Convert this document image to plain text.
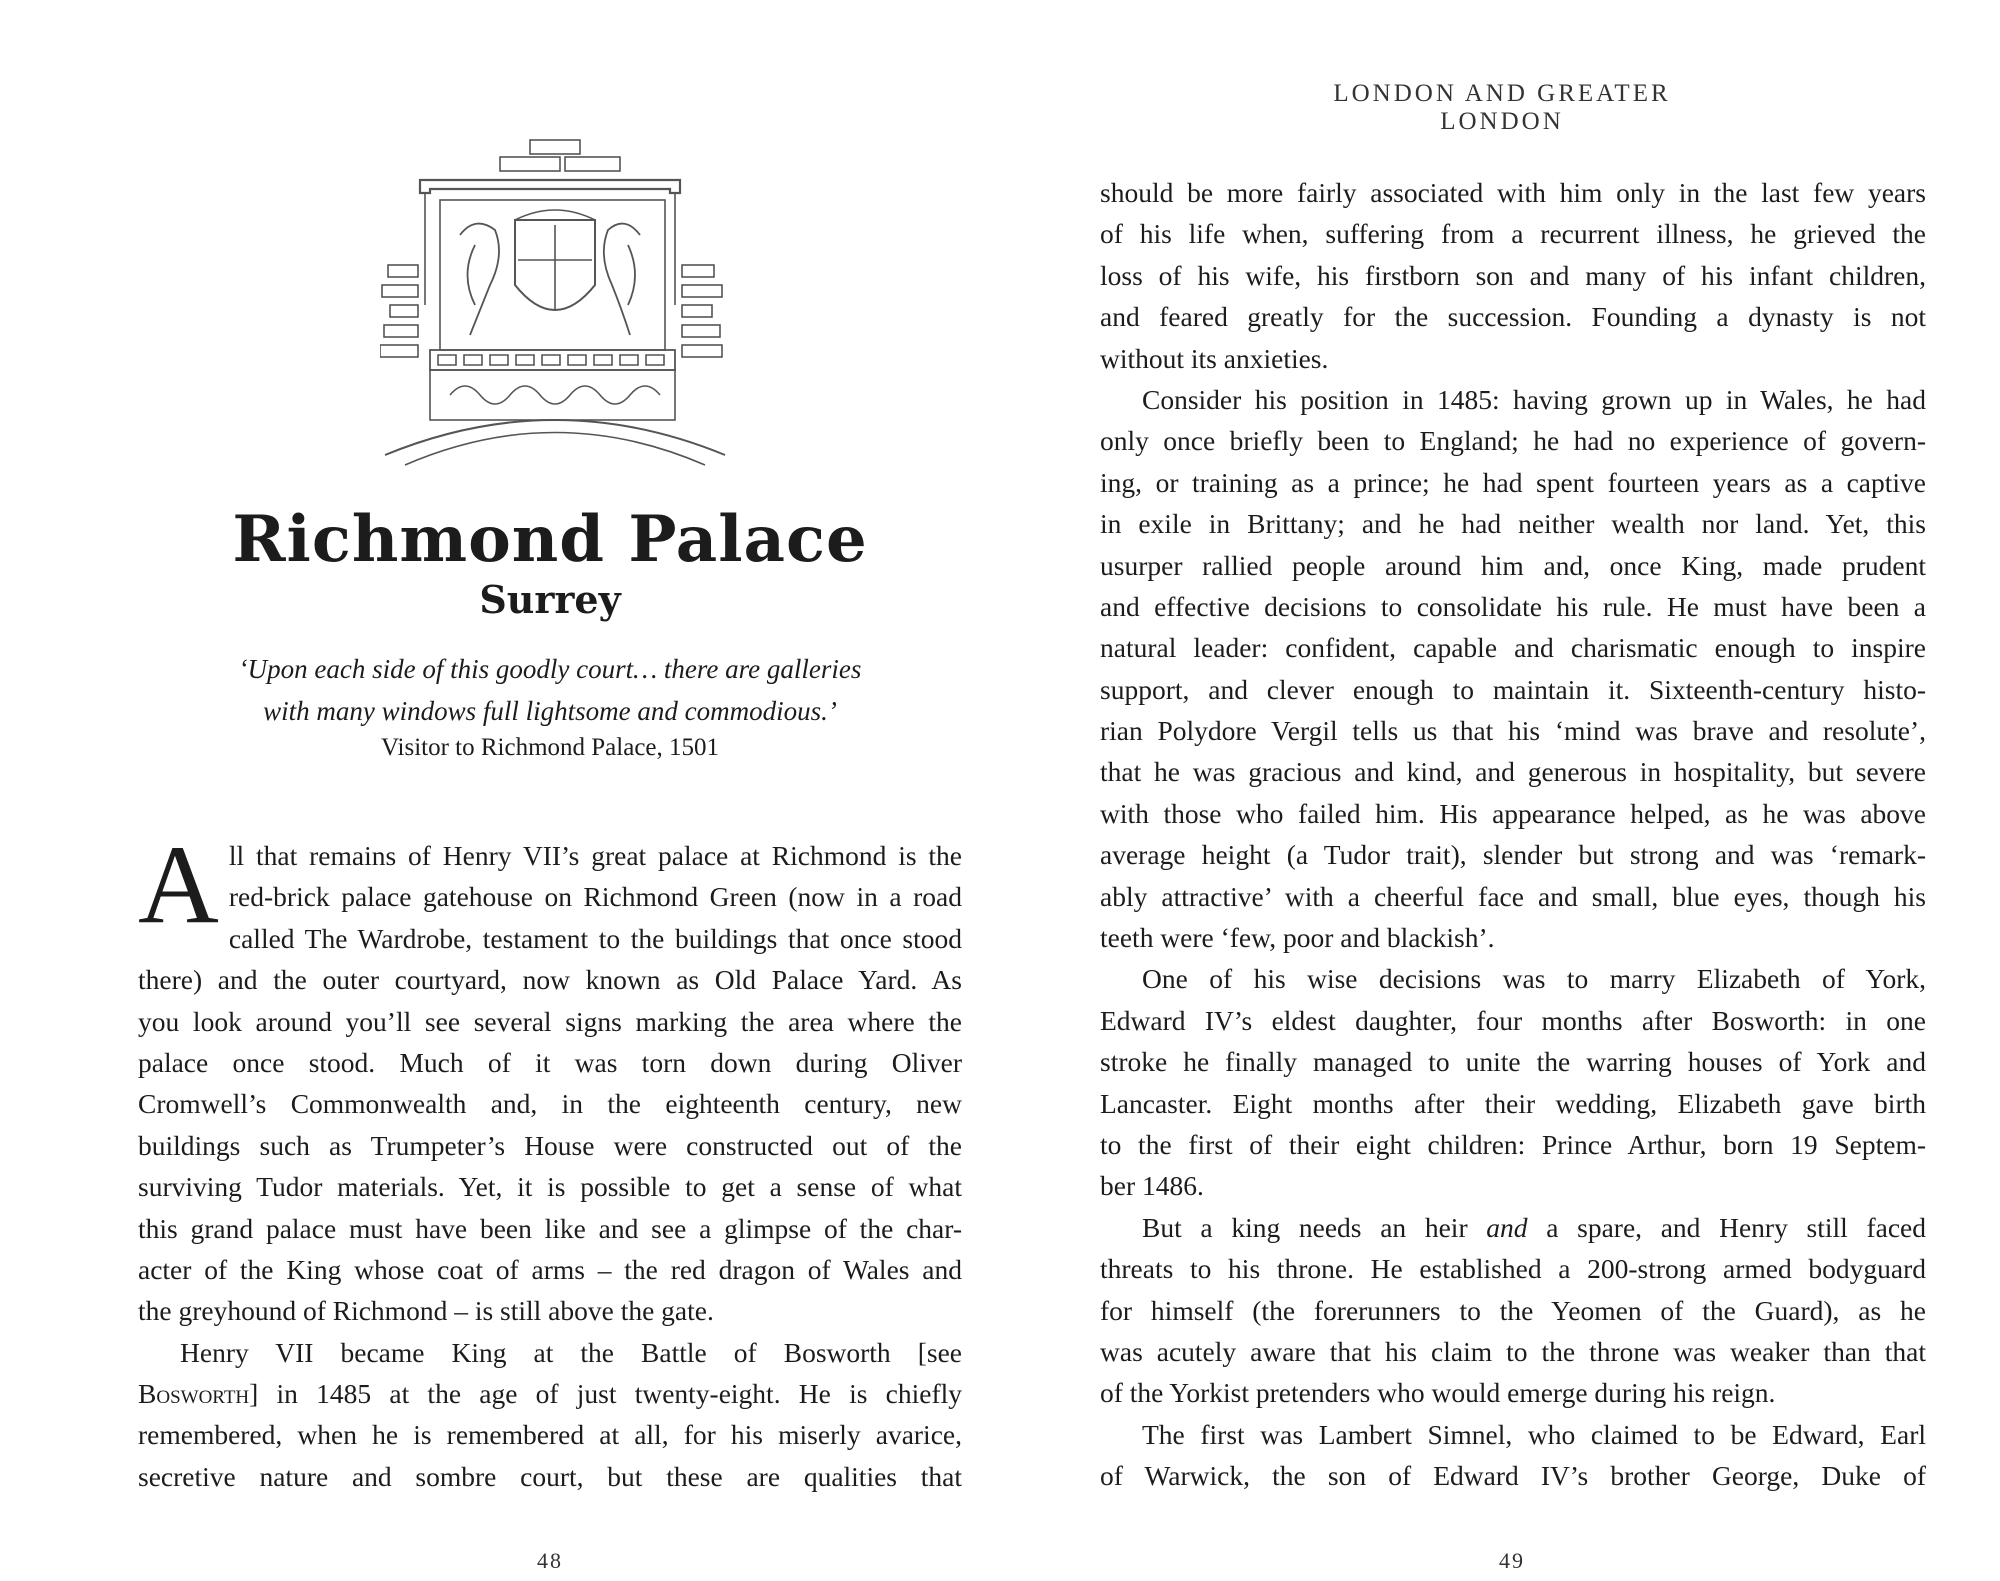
Richmond Palace
Surrey
‘Upon each side of this goodly court… there are galleries
with many windows full lightsome and commodious.’
Visitor to Richmond Palace, 1501
A ll that remains of Henry VII’s great palace at Richmond is the
red-brick palace gatehouse on Richmond Green (now in a road
called The Wardrobe, testament to the buildings that once stood
there) and the outer courtyard, now known as Old Palace Yard. As
you look around you’ll see several signs marking the area where the
palace once stood. Much of it was torn down during Oliver
Cromwell’s Commonwealth and, in the eighteenth century, new
buildings such as Trumpeter’s House were constructed out of the
surviving Tudor materials. Yet, it is possible to get a sense of what
this grand palace must have been like and see a glimpse of the char-
acter of the King whose coat of arms – the red dragon of Wales and
the greyhound of Richmond – is still above the gate.
Henry VII became King at the Battle of Bosworth [see
Bosworth] in 1485 at the age of just twenty-eight. He is chiefly
remembered, when he is remembered at all, for his miserly avarice,
secretive nature and sombre court, but these are qualities that
48
LONDON AND GREATER LONDON
should be more fairly associated with him only in the last few years
of his life when, suffering from a recurrent illness, he grieved the
loss of his wife, his firstborn son and many of his infant children,
and feared greatly for the succession. Founding a dynasty is not
without its anxieties.
Consider his position in 1485: having grown up in Wales, he had
only once briefly been to England; he had no experience of govern-
ing, or training as a prince; he had spent fourteen years as a captive
in exile in Brittany; and he had neither wealth nor land. Yet, this
usurper rallied people around him and, once King, made prudent
and effective decisions to consolidate his rule. He must have been a
natural leader: confident, capable and charismatic enough to inspire
support, and clever enough to maintain it. Sixteenth-century histo-
rian Polydore Vergil tells us that his ‘mind was brave and resolute’,
that he was gracious and kind, and generous in hospitality, but severe
with those who failed him. His appearance helped, as he was above
average height (a Tudor trait), slender but strong and was ‘remark-
ably attractive’ with a cheerful face and small, blue eyes, though his
teeth were ‘few, poor and blackish’.
One of his wise decisions was to marry Elizabeth of York,
Edward IV’s eldest daughter, four months after Bosworth: in one
stroke he finally managed to unite the warring houses of York and
Lancaster. Eight months after their wedding, Elizabeth gave birth
to the first of their eight children: Prince Arthur, born 19 Septem-
ber 1486.
But a king needs an heir and a spare, and Henry still faced
threats to his throne. He established a 200-strong armed bodyguard
for himself (the forerunners to the Yeomen of the Guard), as he
was acutely aware that his claim to the throne was weaker than that
of the Yorkist pretenders who would emerge during his reign.
The first was Lambert Simnel, who claimed to be Edward, Earl
of Warwick, the son of Edward IV’s brother George, Duke of
49
